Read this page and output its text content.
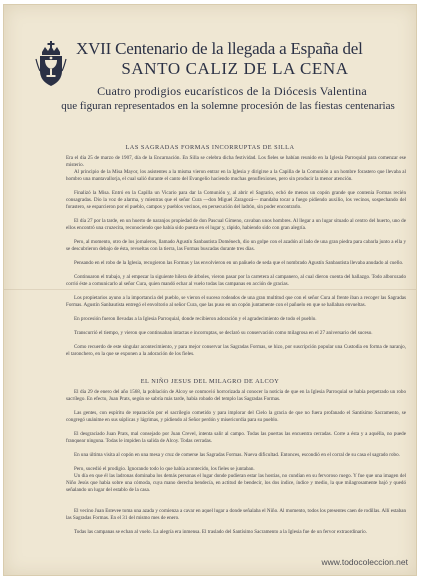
XVII Centenario de la llegada a España del
SANTO CALIZ DE LA CENA
Cuatro prodigios eucarísticos de la Diócesis Valentina
que figuran representados en la solemne procesión de las fiestas centenarias
LAS SAGRADAS FORMAS INCORRUPTAS DE SILLA

Era el día 25 de marzo de 1907, día de la Encarnación. En Silla se celebra dicha festividad. Los fieles se habían reunido en la Iglesia Parroquial para comenzar ese misterio.

Al principio de la Misa Mayor, los asistentes a la misma vieron entrar en la Iglesia y dirigirse a la Capilla de la Comunión a un hombre forastero que llevaba al hombro una mantavallorja, el cual salió durante el canto del Evangelio haciendo muchas genuflexiones, pero sin producir la menor atención.

Finalizó la Misa. Entró en la Capilla un Vicario para dar la Comunión y, al abrir el Sagrario, echó de menos un copón grande que contenía Formas recién consagradas. Dio la voz de alarma, y mientras que el señor Cura —don Miguel Zaragozá— mandaba tocar a fuego pidiendo auxilio, los vecinos, sospechando del forastero, se esparcieron por el pueblo, campos y pueblos vecinos, en persecución del ladrón, sin poder encontrarlo.

El día 27 por la tarde, en un huerto de naranjos propiedad de don Pascual Gimeno, cavaban unos hombres. Al llegar a un lugar situado al centro del huerto, uno de ellos encontró una cruzecita, reconociendo que había sido puesta en el lugar y, rápido, habiendo sido con gran alegría.

Pero, al momento, otro de los jornaleros, llamado Agustín Sanbautista Doménech, dio un golpe con el azadón al lado de una gran piedra para cabarla junto a ella y se descubrieron debajo de ésta, revueltas con la tierra, las Formas buscadas durante tres días.

Pensando en el robo de la Iglesia, recogieron las Formas y las envolvieron en un pañuelo de seda que el nombrado Agustín Sanbautista llevaba anudado al cuello.

Continuaron el trabajo, y al empezar la siguiente hilera de árboles, vieron pasar por la carretera al campanero, al cual dieron cuenta del hallazgo. Todo alborozado corrió éste a comunicarlo al señor Cura, quien mandó echar al vuelo todas las campanas en acción de gracias.

Los propietarios ayuno a la importancia del pueblo, se vieron el suceso rodeados de una gran multitud que con el señor Cura al frente iban a recoger las Sagradas Formas. Agustín Sanbautista entregó el envoltorio al señor Cura, que las puso en un copón juntamente con el pañuelo en que se hallaban envueltas.

En procesión fueron llevadas a la Iglesia Parroquial, donde recibieron adoración y el agradecimiento de todo el pueblo.

Transcurrió el tiempo, y vieron que continuaban intactas e incorruptas, se declaró su conservación como milagrosa en el 27 aniversario del suceso.

Como recuerdo de este singular acontecimiento, y para mejor conservar las Sagradas Formas, se hizo, por suscripción popular una Custodia en forma de naranjo, el taronchero, en la que se exponen a la adoración de los fieles.

EL NIÑO JESUS DEL MILAGRO DE ALCOY

El día 29 de enero del año 1568, la población de Alcoy se conmovió horrorizada al conocer la noticia de que en la Iglesia Parroquial se había perpetrado un robo sacrílego. En efecto, Juan Prats, según se sabría más tarde, había robado del templo las Sagradas Formas.

Las gentes, con espíritu de reparación por el sacrilegio cometido y para implorar del Cielo la gracia de que no fuera profanado el Santísimo Sacramento, se congregó unánime en sus súplicas y lágrimas, y pidiendo al Señor perdón y misericordia para su pueblo.

El desgraciado Juan Prats, mal consejado por Juan Crevel, intenta salir al campo. Todas las puertas las encuentra cerradas. Corre a ésta y a aquélla, no puede franquear ninguna. Todas le impiden la salida de Alcoy. Todas cerradas.

En una última visita al copón en una mesa y cruz de comerse las Sagradas Formas. Nueva dificultad. Entonces, escondió en el corral de su casa el sagrado robo.

Pero, sucedió el prodigio. Ignorando todo lo que había acontecido, los fieles se juntaban.

Un día en que él las ladronas dominaba los demás personas el lugar donde pudieran estar las hostias, no cundían en su fervoroso ruego. Y fue que una imagen del Niño Jesús que había sobre una cómoda, cuya mano derecha bendecía, en actitud de bendecir, los dos índice, índice y medio, la que milagrosamente bajó y quedó señalando un lugar del establo de la casa.

El vecino Juan Estevee toma una azada y comienza a cavar en aquel lugar a donde señalaba el Niño. Al momento, todos los presentes caen de rodillas. Allí estaban las Sagradas Formas. En el 31 del mismo mes de enero.

Todas las campanas se echan al vuelo. La alegría era inmensa. El traslado del Santísimo Sacramento a la Iglesia fue de un fervor extraordinario.

www.todocoleccion.net
